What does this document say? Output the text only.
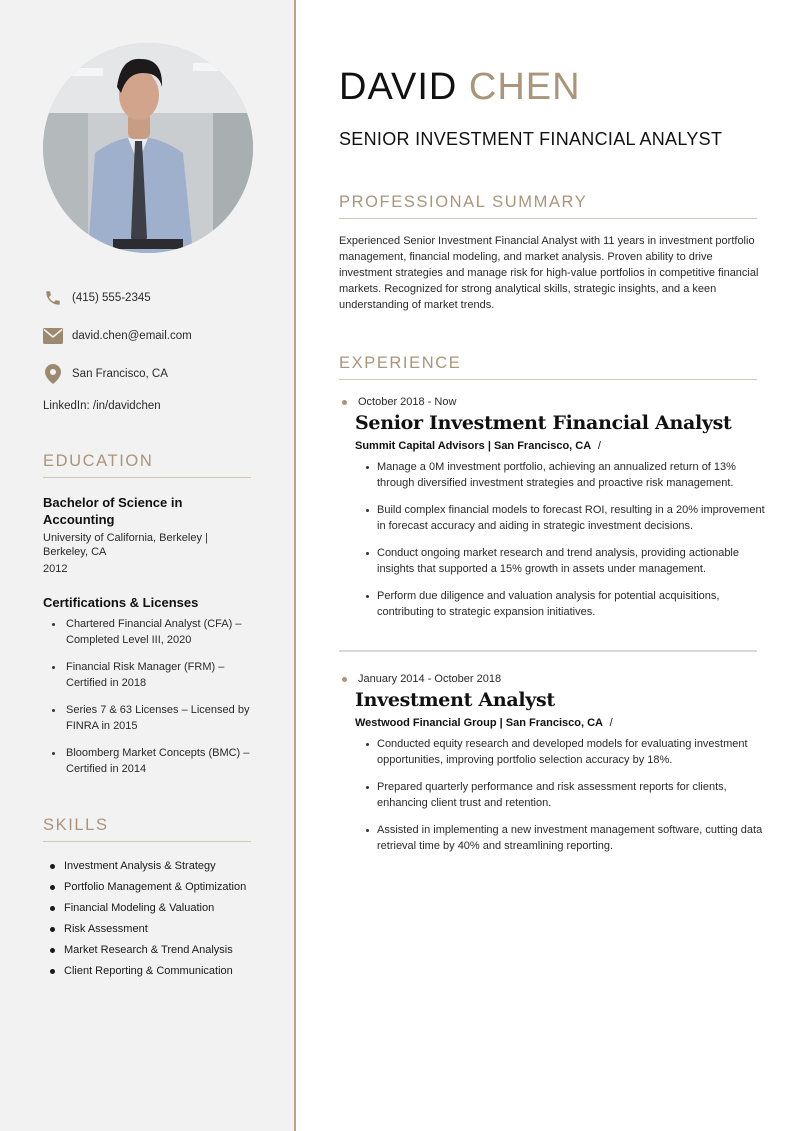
(415) 555-2345
david.chen@email.com
San Francisco, CA
LinkedIn: /in/davidchen
EDUCATION
Bachelor of Science in Accounting
University of California, Berkeley | Berkeley, CA
2012
Certifications & Licenses
Chartered Financial Analyst (CFA) – Completed Level III, 2020
Financial Risk Manager (FRM) – Certified in 2018
Series 7 & 63 Licenses – Licensed by FINRA in 2015
Bloomberg Market Concepts (BMC) – Certified in 2014
SKILLS
Investment Analysis & Strategy
Portfolio Management & Optimization
Financial Modeling & Valuation
Risk Assessment
Market Research & Trend Analysis
Client Reporting & Communication
DAVID CHEN
SENIOR INVESTMENT FINANCIAL ANALYST
PROFESSIONAL SUMMARY
Experienced Senior Investment Financial Analyst with 11 years in investment portfolio management, financial modeling, and market analysis. Proven ability to drive investment strategies and manage risk for high-value portfolios in competitive financial markets. Recognized for strong analytical skills, strategic insights, and a keen understanding of market trends.
EXPERIENCE
October 2018 - Now
Senior Investment Financial Analyst
Summit Capital Advisors | San Francisco, CA /
Manage a 0M investment portfolio, achieving an annualized return of 13% through diversified investment strategies and proactive risk management.
Build complex financial models to forecast ROI, resulting in a 20% improvement in forecast accuracy and aiding in strategic investment decisions.
Conduct ongoing market research and trend analysis, providing actionable insights that supported a 15% growth in assets under management.
Perform due diligence and valuation analysis for potential acquisitions, contributing to strategic expansion initiatives.
January 2014 - October 2018
Investment Analyst
Westwood Financial Group | San Francisco, CA /
Conducted equity research and developed models for evaluating investment opportunities, improving portfolio selection accuracy by 18%.
Prepared quarterly performance and risk assessment reports for clients, enhancing client trust and retention.
Assisted in implementing a new investment management software, cutting data retrieval time by 40% and streamlining reporting.
